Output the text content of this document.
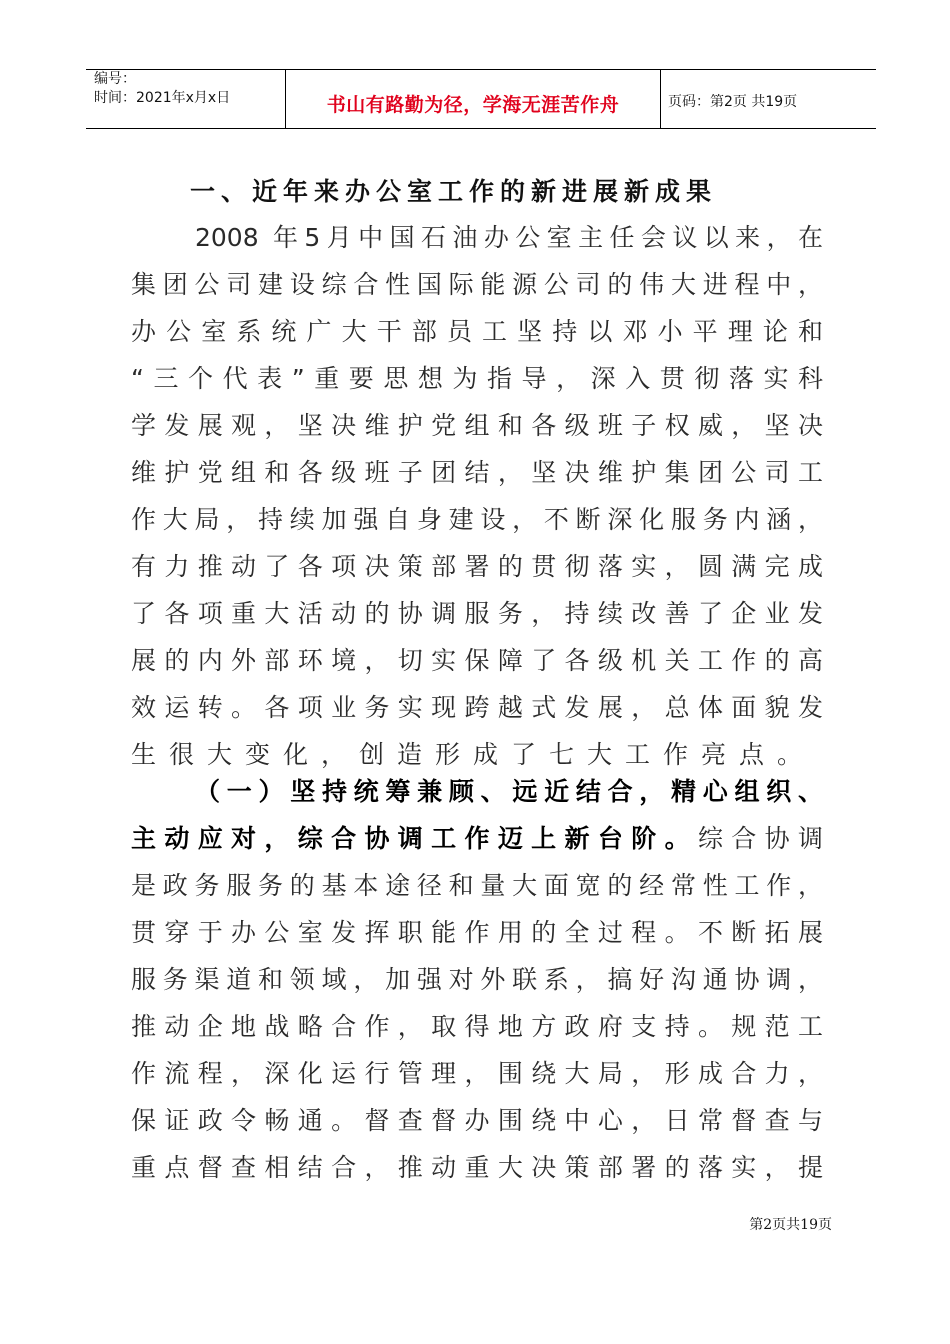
编号：
时间：2021年x月x日	书山有路勤为径，学海无涯苦作舟	页码：第2页 共19页
一、近年来办公室工作的新进展新成果
2008 年5月中国石油办公室主任会议以来，在
集团公司建设综合性国际能源公司的伟大进程中，
办公室系统广大干部员工坚持以邓小平理论和
“三个代表”重要思想为指导，深入贯彻落实科
学发展观，坚决维护党组和各级班子权威，坚决
维护党组和各级班子团结，坚决维护集团公司工
作大局，持续加强自身建设，不断深化服务内涵，
有力推动了各项决策部署的贯彻落实，圆满完成
了各项重大活动的协调服务，持续改善了企业发
展的内外部环境，切实保障了各级机关工作的高
效运转。各项业务实现跨越式发展，总体面貌发
生很大变化，创造形成了七大工作亮点。
（一）坚持统筹兼顾、远近结合，精心组织、
主动应对，综合协调工作迈上新台阶。综合协调
是政务服务的基本途径和量大面宽的经常性工作，
贯穿于办公室发挥职能作用的全过程。不断拓展
服务渠道和领域，加强对外联系，搞好沟通协调，
推动企地战略合作，取得地方政府支持。规范工
作流程，深化运行管理，围绕大局，形成合力，
保证政令畅通。督查督办围绕中心，日常督查与
重点督查相结合，推动重大决策部署的落实，提
第2页共19页
